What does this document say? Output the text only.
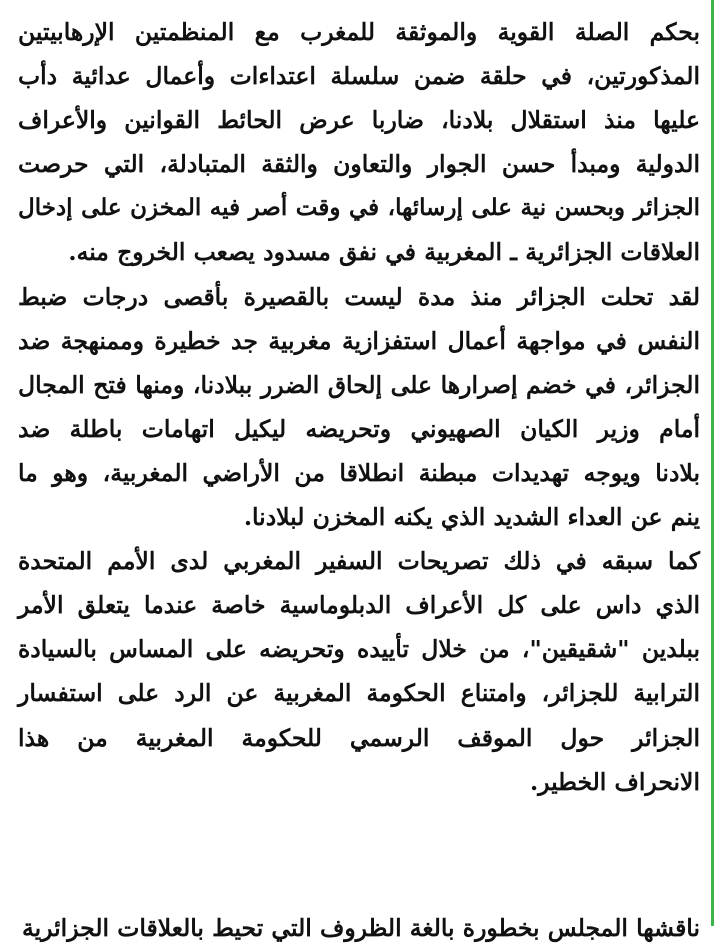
بحكم الصلة القوية والموثقة للمغرب مع المنظمتين الإرهابيتين
المذكورتين، في حلقة ضمن سلسلة اعتداءات وأعمال عدائية دأب
عليها منذ استقلال بلادنا، ضاربا عرض الحائط القوانين والأعراف
الدولية ومبدأ حسن الجوار والتعاون والثقة المتبادلة، التي حرصت
الجزائر وبحسن نية على إرسائها، في وقت أصر فيه المخزن على إدخال
العلاقات الجزائرية ـ المغربية في نفق مسدود يصعب الخروج منه.
لقد تحلت الجزائر منذ مدة ليست بالقصيرة بأقصى درجات ضبط
النفس في مواجهة أعمال استفزازية مغربية جد خطيرة وممنهجة ضد
الجزائر، في خضم إصرارها على إلحاق الضرر ببلادنا، ومنها فتح المجال
أمام وزير الكيان الصهيوني وتحريضه ليكيل اتهامات باطلة ضد
بلادنا ويوجه تهديدات مبطنة انطلاقا من الأراضي المغربية، وهو ما
ينم عن العداء الشديد الذي يكنه المخزن لبلادنا.
كما سبقه في ذلك تصريحات السفير المغربي لدى الأمم المتحدة
الذي داس على كل الأعراف الدبلوماسية خاصة عندما يتعلق الأمر
ببلدين "شقيقين"، من خلال تأييده وتحريضه على المساس بالسيادة
الترابية للجزائر، وامتناع الحكومة المغربية عن الرد على استفسار
الجزائر حول الموقف الرسمي للحكومة المغربية من هذا
الانحراف الخطير.
ناقشها المجلس بخطورة بالغة الظروف التي تحيط بالعلاقات الجزائرية
